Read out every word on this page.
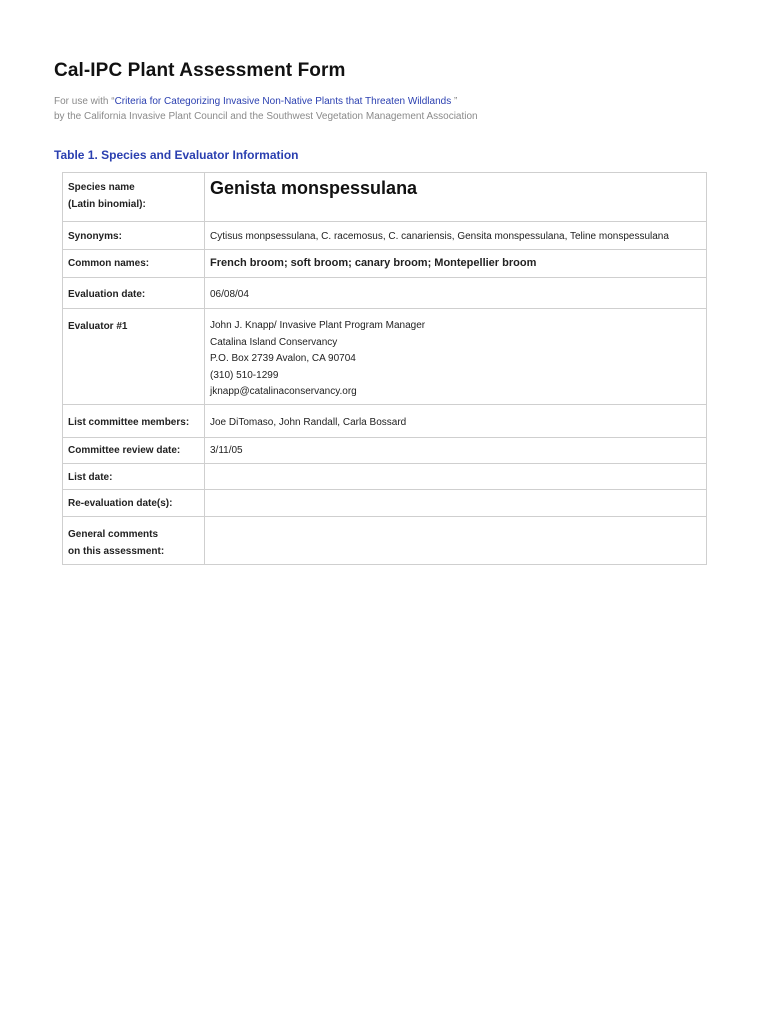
Cal-IPC Plant Assessment Form
For use with “Criteria for Categorizing Invasive Non-Native Plants that Threaten Wildlands ”
by the California Invasive Plant Council and the Southwest Vegetation Management Association
Table 1. Species and Evaluator Information
Species name
(Latin binomial):	Genista monspessulana
Synonyms:	Cytisus monpsessulana, C. racemosus, C. canariensis, Gensita monspessulana, Teline monspessulana
Common names:	French broom; soft broom; canary broom; Montepellier broom
Evaluation date:	06/08/04
Evaluator #1	John J. Knapp/ Invasive Plant Program Manager
Catalina Island Conservancy
P.O. Box 2739 Avalon, CA 90704
(310) 510-1299
jknapp@catalinaconservancy.org

List committee members:	Joe DiTomaso, John Randall, Carla Bossard
Committee review date:	3/11/05
List date:	
Re-evaluation date(s):	

General comments
on this assessment:	
